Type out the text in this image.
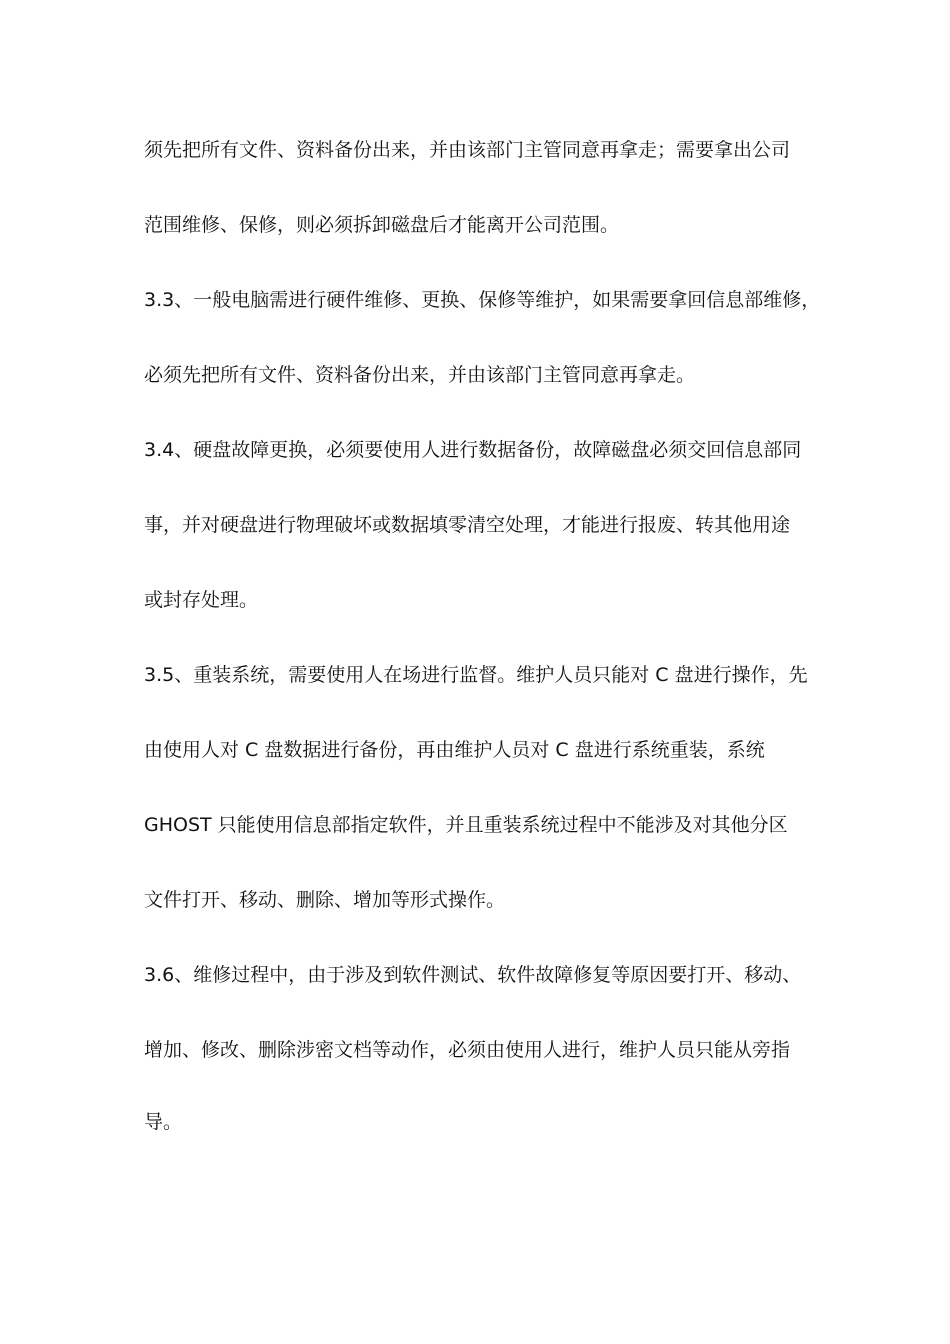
须先把所有文件、资料备份出来，并由该部门主管同意再拿走；需要拿出公司
范围维修、保修，则必须拆卸磁盘后才能离开公司范围。
3.3、一般电脑需进行硬件维修、更换、保修等维护，如果需要拿回信息部维修，
必须先把所有文件、资料备份出来，并由该部门主管同意再拿走。
3.4、硬盘故障更换，必须要使用人进行数据备份，故障磁盘必须交回信息部同
事，并对硬盘进行物理破坏或数据填零清空处理，才能进行报废、转其他用途
或封存处理。
3.5、重装系统，需要使用人在场进行监督。维护人员只能对 C 盘进行操作，先
由使用人对 C 盘数据进行备份，再由维护人员对 C 盘进行系统重装，系统
GHOST 只能使用信息部指定软件，并且重装系统过程中不能涉及对其他分区
文件打开、移动、删除、增加等形式操作。
3.6、维修过程中，由于涉及到软件测试、软件故障修复等原因要打开、移动、
增加、修改、删除涉密文档等动作，必须由使用人进行，维护人员只能从旁指
导。
